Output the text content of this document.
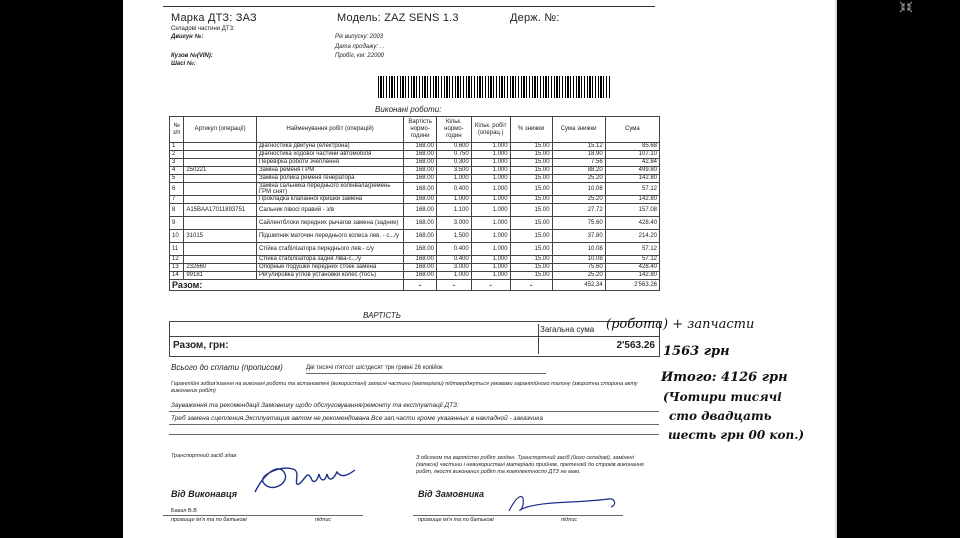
Марка ДТЗ: ЗАЗ	Модель: ZAZ SENS 1.3	Держ. №:
Складові частини ДТЗ:
Двигун №:	Рік випуску: 2003
Дата продажу: . .
Пробіг, км: 22000
Кузов №(VIN):
Шасі №:
Виконані роботи:
№ з/п	Артикул (операції)	Найменування робіт (операцій)	Вартість нормо-години	Кільк. нормо-годин	Кільк. робіт (операц.)	% знижки	Сума знижки	Сума
1		Діагностика двигуна (електрона)	168.00	0.600	1.000	15.00	15.12	85.68
2		Діагностика ходової частини автомобіля	168.00	0.750	1.000	15.00	18.90	107.10
3		Перевірка роботи зчеплення	168.00	0.300	1.000	15.00	7.56	42.84
4	250221	Заміна ременя ГРМ	168.00	3.500	1.000	15.00	88.20	499.80
5		Заміна ролика ременя генератора	168.00	1.000	1.000	15.00	25.20	142.80
6		Заміна сальника переднього колінвала(ремень ГРМ снят)	168.00	0.400	1.000	15.00	10.08	57.12
7		Прокладка клапанної кришки замена	168.00	1.000	1.000	15.00	25.20	142.80
8	A15BAA17011893751	Сальник півосі правий - з/в	168.00	1.100	1.000	15.00	27.72	157.08
9		Сайлентблоки передних рычагов замена (задние)	168.00	3.000	1.000	15.00	75.60	428.40
10	31015	Підшипник маточин переднього колеса лев. - с.../у	168.00	1.500	1.000	15.00	37.80	214.20
11		Стійка стабілізатора переднього лев.- с/у	168.00	0.400	1.000	15.00	10.08	57.12
12		Стійка стабілізатора задня ліва-с.../у	168.00	0.400	1.000	15.00	10.08	57.12
13	232660	Опорные подушки передних стоек замена	168.00	3.000	1.000	15.00	75.60	428.40
14	99181	Регулировка углов установки колёс (тосъ)	168.00	1.000	1.000	15.00	25.20	142.80
Разом:			-	-	-	-	452.34	2'563.26
ВАРТІСТЬ
Загальна сума
Разом, грн:	2'563.26
Всього до сплати (прописом)	Дві тисячі п'ятсот шістдесят три гривні 26 копійок
Гарантійні зобов'язання на виконані роботи та встановлені (використані) запасні частини (матеріали) підтверджуться умовами гарантійного талону (зворотна сторона акту виконаних робіт)
Зауваження та рекомендації Замовнику щодо обслуговування/ремонту та експлуатації ДТЗ:
Треб замена сцепления.Эксплуатация автом не рекомендована.Все зап.части кроме указанных в накладной - заказчика
Транспортний засіб здав
Від Виконавця
Бакал В.В
прізвище ім'я та по батькові	підпис
З обсягом та вартістю робіт згоден. Транспортний засіб (його складові), замінені (запасні) частини і невикористані матеріали прийняв, претензій до строків виконання робіт, якості виконаних робіт та комплектності ДТЗ не маю.
Від Замовника
прізвище ім'я та по батькові	підпис
(робота) + запчасти
1563 грн
Итого: 4126 грн
(Чотири тисячі
сто двадцать
шесть грн 00 коп.)
